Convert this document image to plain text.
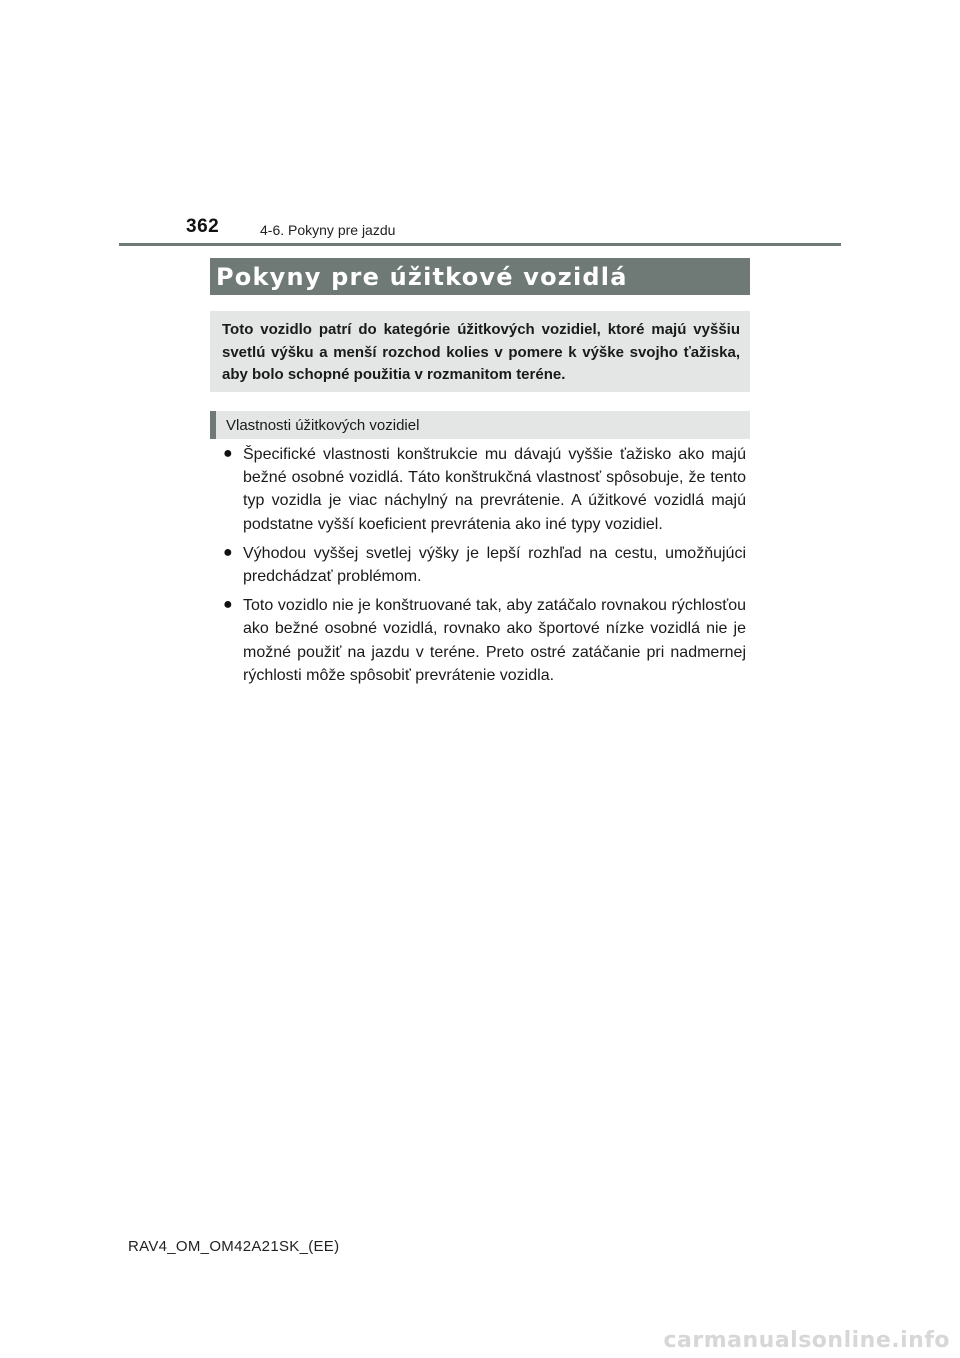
362	4-6. Pokyny pre jazdu
Pokyny pre úžitkové vozidlá
Toto vozidlo patrí do kategórie úžitkových vozidiel, ktoré majú vyššiu svetlú výšku a menší rozchod kolies v pomere k výške svojho ťažiska, aby bolo schopné použitia v rozmanitom teréne.
Vlastnosti úžitkových vozidiel
● Špecifické vlastnosti konštrukcie mu dávajú vyššie ťažisko ako majú bežné osobné vozidlá. Táto konštrukčná vlastnosť spôsobuje, že tento typ vozidla je viac náchylný na prevrátenie. A úžitkové vozidlá majú podstatne vyšší koeficient prevrátenia ako iné typy vozidiel.
● Výhodou vyššej svetlej výšky je lepší rozhľad na cestu, umožňujúci predchádzať problémom.
● Toto vozidlo nie je konštruované tak, aby zatáčalo rovnakou rýchlosťou ako bežné osobné vozidlá, rovnako ako športové nízke vozidlá nie je možné použiť na jazdu v teréne. Preto ostré zatáčanie pri nadmernej rýchlosti môže spôsobiť prevrátenie vozidla.
RAV4_OM_OM42A21SK_(EE)
carmanualsonline.info
